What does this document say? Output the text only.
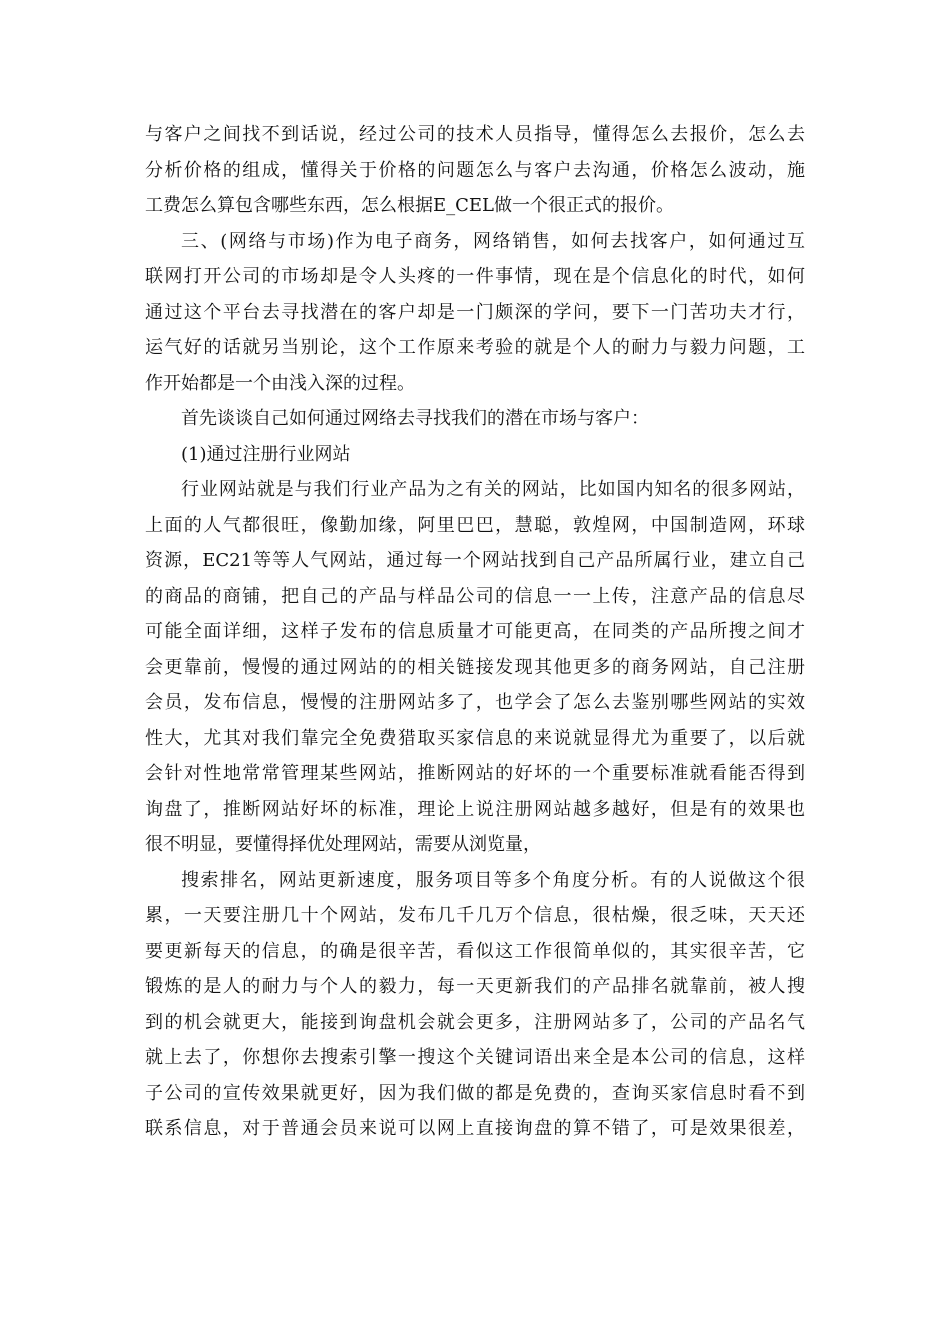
与客户之间找不到话说，经过公司的技术人员指导，懂得怎么去报价，怎么去
分析价格的组成，懂得关于价格的问题怎么与客户去沟通，价格怎么波动，施
工费怎么算包含哪些东西，怎么根据E_CEL做一个很正式的报价。
三、(网络与市场)作为电子商务，网络销售，如何去找客户，如何通过互
联网打开公司的市场却是令人头疼的一件事情，现在是个信息化的时代，如何
通过这个平台去寻找潜在的客户却是一门颇深的学问，要下一门苦功夫才行，
运气好的话就另当别论，这个工作原来考验的就是个人的耐力与毅力问题，工
作开始都是一个由浅入深的过程。
首先谈谈自己如何通过网络去寻找我们的潜在市场与客户：
(1)通过注册行业网站
行业网站就是与我们行业产品为之有关的网站，比如国内知名的很多网站，
上面的人气都很旺，像勤加缘，阿里巴巴，慧聪，敦煌网，中国制造网，环球
资源，EC21等等人气网站，通过每一个网站找到自己产品所属行业，建立自己
的商品的商铺，把自己的产品与样品公司的信息一一上传，注意产品的信息尽
可能全面详细，这样子发布的信息质量才可能更高，在同类的产品所搜之间才
会更靠前，慢慢的通过网站的的相关链接发现其他更多的商务网站，自己注册
会员，发布信息，慢慢的注册网站多了，也学会了怎么去鉴别哪些网站的实效
性大，尤其对我们靠完全免费猎取买家信息的来说就显得尤为重要了，以后就
会针对性地常常管理某些网站，推断网站的好坏的一个重要标准就看能否得到
询盘了，推断网站好坏的标准，理论上说注册网站越多越好，但是有的效果也
很不明显，要懂得择优处理网站，需要从浏览量，
搜索排名，网站更新速度，服务项目等多个角度分析。有的人说做这个很
累，一天要注册几十个网站，发布几千几万个信息，很枯燥，很乏味，天天还
要更新每天的信息，的确是很辛苦，看似这工作很简单似的，其实很辛苦，它
锻炼的是人的耐力与个人的毅力，每一天更新我们的产品排名就靠前，被人搜
到的机会就更大，能接到询盘机会就会更多，注册网站多了，公司的产品名气
就上去了，你想你去搜索引擎一搜这个关键词语出来全是本公司的信息，这样
子公司的宣传效果就更好，因为我们做的都是免费的，查询买家信息时看不到
联系信息，对于普通会员来说可以网上直接询盘的算不错了，可是效果很差，
